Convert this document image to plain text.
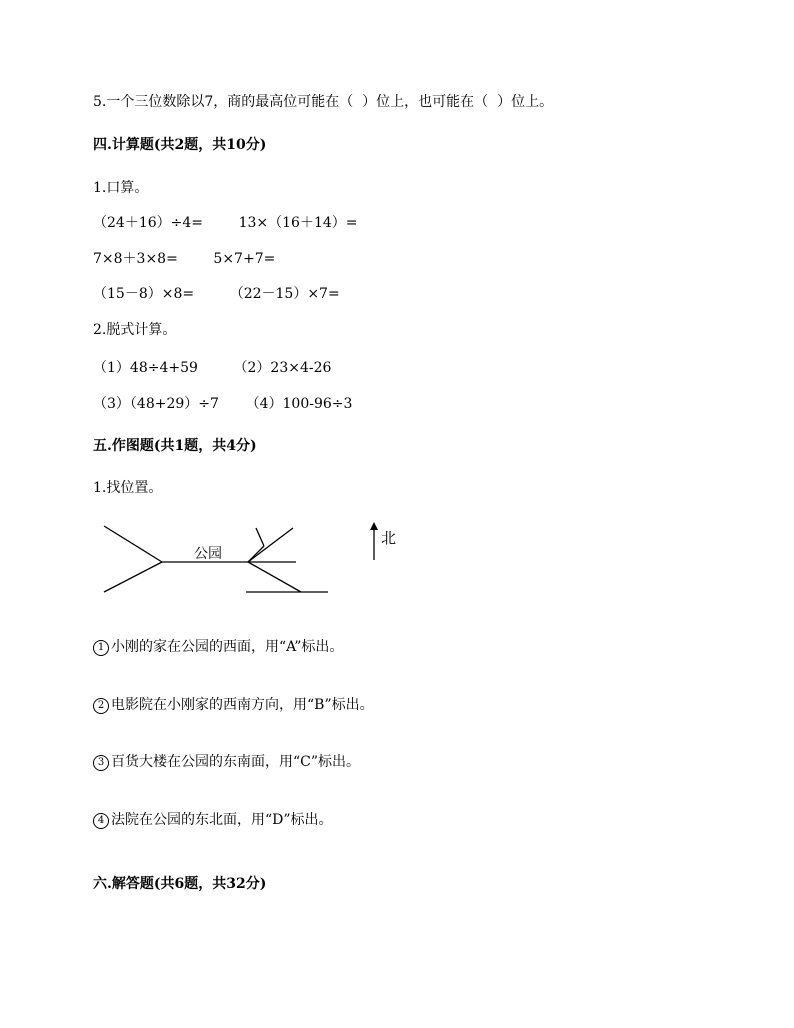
5.一个三位数除以7，商的最高位可能在（  ）位上，也可能在（  ）位上。
四.计算题(共2题，共10分)
1.口算。
（24＋16）÷4=        13×（16＋14）=
7×8＋3×8=        5×7+7=
（15－8）×8=        （22－15）×7=
2.脱式计算。
（1）48÷4+59        （2）23×4-26
（3）（48+29）÷7      （4）100-96÷3
五.作图题(共1题，共4分)
1.找位置。
公园
北
1 小刚的家在公园的西面，用“A”标出。
2 电影院在小刚家的西南方向，用“B”标出。
3 百货大楼在公园的东南面，用“C”标出。
4 法院在公园的东北面，用“D”标出。
六.解答题(共6题，共32分)
